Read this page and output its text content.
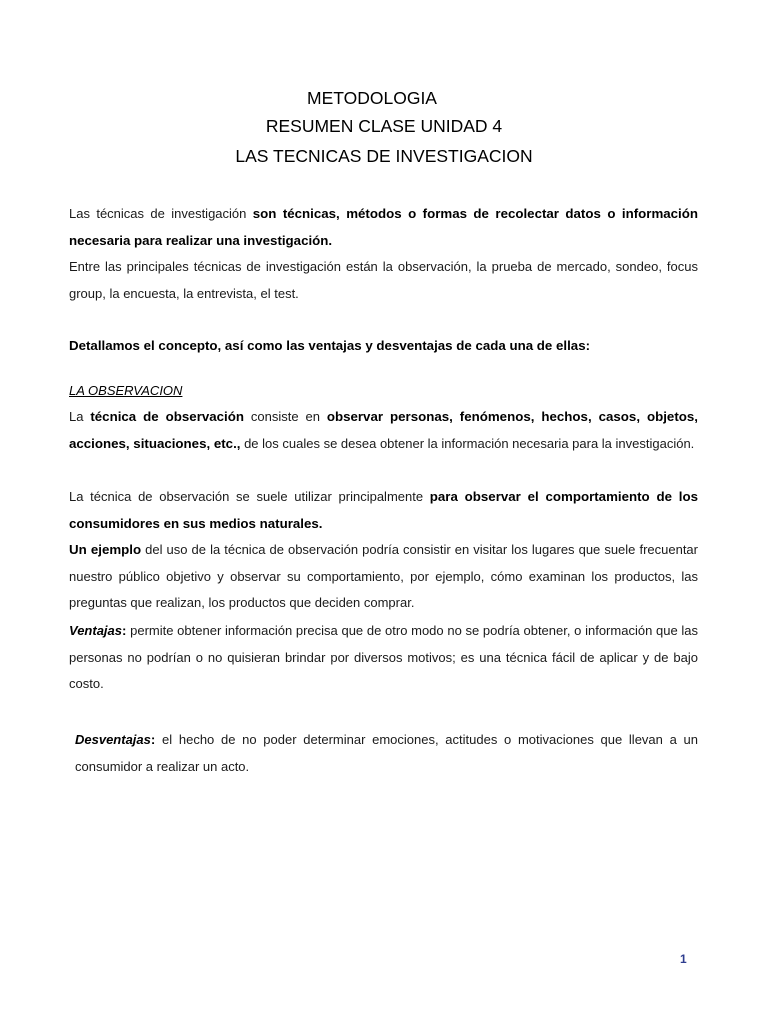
METODOLOGIA
RESUMEN CLASE UNIDAD 4
LAS TECNICAS DE INVESTIGACION
Las técnicas de investigación son técnicas, métodos o formas de recolectar datos o información necesaria para realizar una investigación.
Entre las principales técnicas de investigación están la observación, la prueba de mercado, sondeo, focus group, la encuesta, la entrevista, el test.
Detallamos el concepto, así como las ventajas y desventajas de cada una de ellas:
LA OBSERVACION
La técnica de observación consiste en observar personas, fenómenos, hechos, casos, objetos, acciones, situaciones, etc., de los cuales se desea obtener la información necesaria para la investigación.
La técnica de observación se suele utilizar principalmente para observar el comportamiento de los consumidores en sus medios naturales.
Un ejemplo del uso de la técnica de observación podría consistir en visitar los lugares que suele frecuentar nuestro público objetivo y observar su comportamiento, por ejemplo, cómo examinan los productos, las preguntas que realizan, los productos que deciden comprar.
Ventajas: permite obtener información precisa que de otro modo no se podría obtener, o información que las personas no podrían o no quisieran brindar por diversos motivos; es una técnica fácil de aplicar y de bajo costo.
Desventajas: el hecho de no poder determinar emociones, actitudes o motivaciones que llevan a un consumidor a realizar un acto.
1
